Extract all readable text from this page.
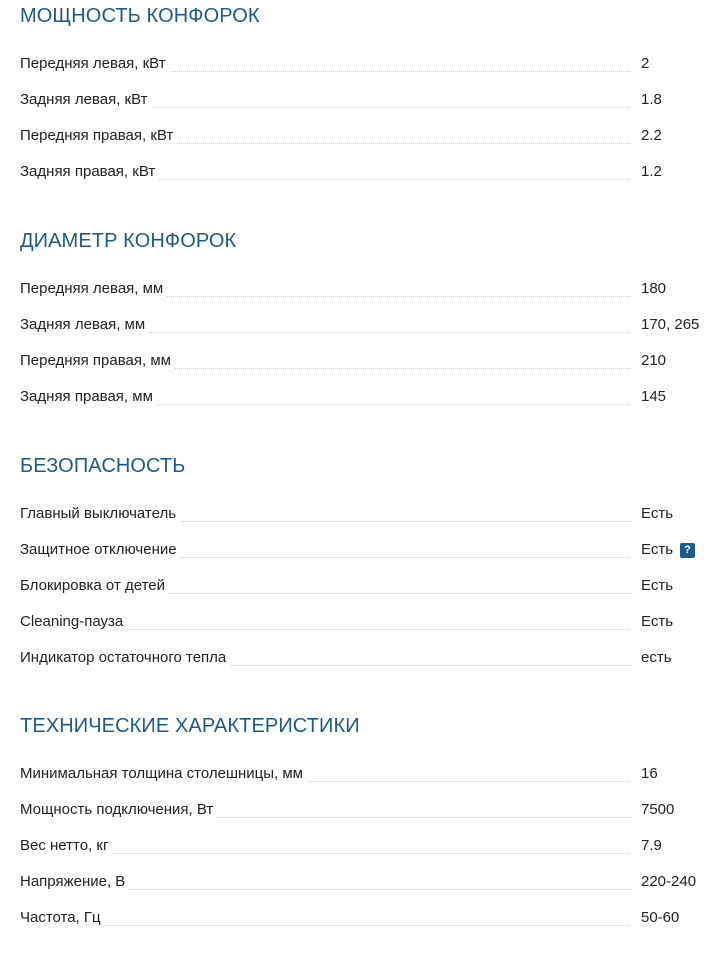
МОЩНОСТЬ КОНФОРОК
Передняя левая, кВт	2
Задняя левая, кВт	1.8
Передняя правая, кВт	2.2
Задняя правая, кВт	1.2
ДИАМЕТР КОНФОРОК
Передняя левая, мм	180
Задняя левая, мм	170, 265
Передняя правая, мм	210
Задняя правая, мм	145
БЕЗОПАСНОСТЬ
Главный выключатель	Есть
Защитное отключение	Есть ?
Блокировка от детей	Есть
Cleaning-пауза	Есть
Индикатор остаточного тепла	есть
ТЕХНИЧЕСКИЕ ХАРАКТЕРИСТИКИ
Минимальная толщина столешницы, мм	16
Мощность подключения, Вт	7500
Вес нетто, кг	7.9
Напряжение, В	220-240
Частота, Гц	50-60
